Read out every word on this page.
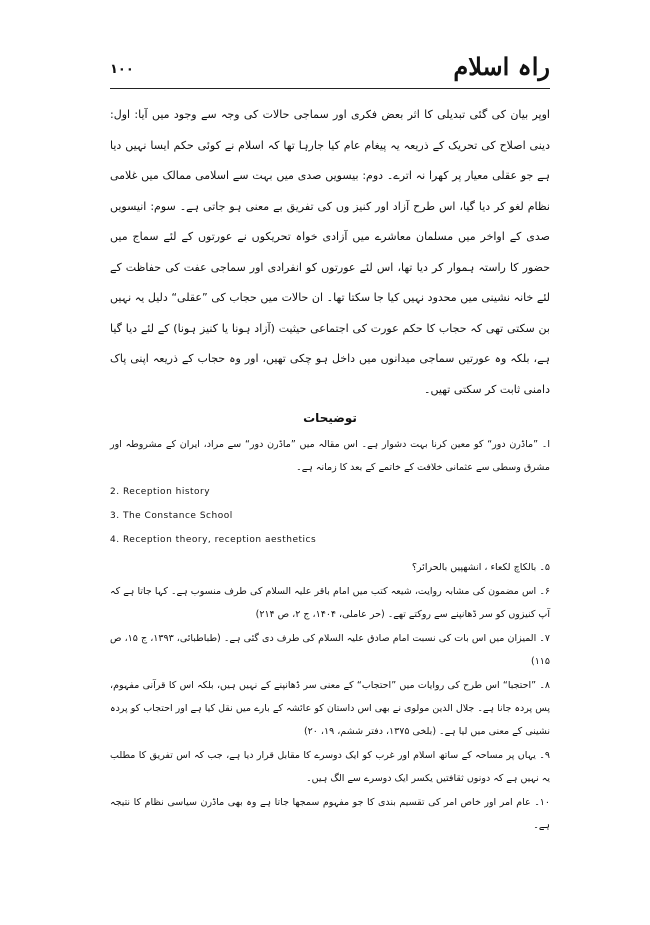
راہ اسلام
۱۰۰

اوپر بیان کی گئی تبدیلی کا اثر بعض فکری اور سماجی حالات کی وجہ سے وجود میں آیا: اول: دینی اصلاح کی تحریک کے ذریعہ یہ پیغام عام کیا جارہا تھا کہ اسلام نے کوئی حکم ایسا نہیں دیا ہے جو عقلی معیار پر کھرا نہ اترے۔ دوم: بیسویں صدی میں بہت سے اسلامی ممالک میں غلامی نظام لغو کر دیا گیا، اس طرح آزاد اور کنیز وں کی تفریق بے معنی ہو جاتی ہے۔ سوم: انیسویں صدی کے اواخر میں مسلمان معاشرے میں آزادی خواہ تحریکوں نے عورتوں کے لئے سماج میں حضور کا راستہ ہموار کر دیا تھا، اس لئے عورتوں کو انفرادی اور سماجی عفت کی حفاظت کے لئے خانہ نشینی میں محدود نہیں کیا جا سکتا تھا۔ ان حالات میں حجاب کی ”عقلی“ دلیل یہ نہیں بن سکتی تھی کہ حجاب کا حکم عورت کی اجتماعی حیثیت (آزاد ہونا یا کنیز ہونا) کے لئے دیا گیا ہے، بلکہ وہ عورتیں سماجی میدانوں میں داخل ہو چکی تھیں، اور وہ حجاب کے ذریعہ اپنی پاک دامنی ثابت کر سکتی تھیں۔

توضیحات

ا۔ ”ماڈرن دور“ کو معین کرنا بہت دشوار ہے۔ اس مقالہ میں ”ماڈرن دور“ سے مراد، ایران کے مشروطہ اور مشرق وسطی سے عثمانی خلافت کے خاتمے کے بعد کا زمانہ ہے۔

2. Reception history

3. The Constance School

4. Reception theory, reception aesthetics

۵۔ بالکاچ لکعاء ، انشهپیں بالحرائر؟

۶۔ اس مضمون کی مشابہ روایت، شیعہ کتب میں امام باقر علیہ السلام کی طرف منسوب ہے۔ کہا جاتا ہے کہ آپ کنیزوں کو سر ڈھانپنے سے روکتے تھے۔ (حر عاملی، ۱۴۰۴، ج ۲، ص ۲۱۴)

۷۔ المیزان میں اس بات کی نسبت امام صادق علیہ السلام کی طرف دی گئی ہے۔ (طباطبائی، ۱۳۹۳، ج ۱۵، ص ۱۱۵)

۸۔ ”احتجبا“ اس طرح کی روایات میں ”احتجاب“ کے معنی سر ڈھانپنے کے نہیں ہیں، بلکہ اس کا قرآنی مفہوم، پس پردہ جانا ہے۔ جلال الدین مولوی نے بھی اس داستان کو عائشہ کے بارے میں نقل کیا ہے اور احتجاب کو پردہ نشینی کے معنی میں لیا ہے۔ (بلخی ۱۳۷۵، دفتر ششم، ۱۹، ۲۰)

۹۔ یہاں پر مساحہ کے ساتھ اسلام اور غرب کو ایک دوسرے کا مقابل قرار دیا ہے، جب کہ اس تفریق کا مطلب یہ نہیں ہے کہ دونوں ثقافتیں یکسر ایک دوسرے سے الگ ہیں۔

۱۰۔ عام امر اور خاص امر کی تقسیم بندی کا جو مفہوم سمجھا جاتا ہے وہ بھی ماڈرن سیاسی نظام کا نتیجہ ہے۔
